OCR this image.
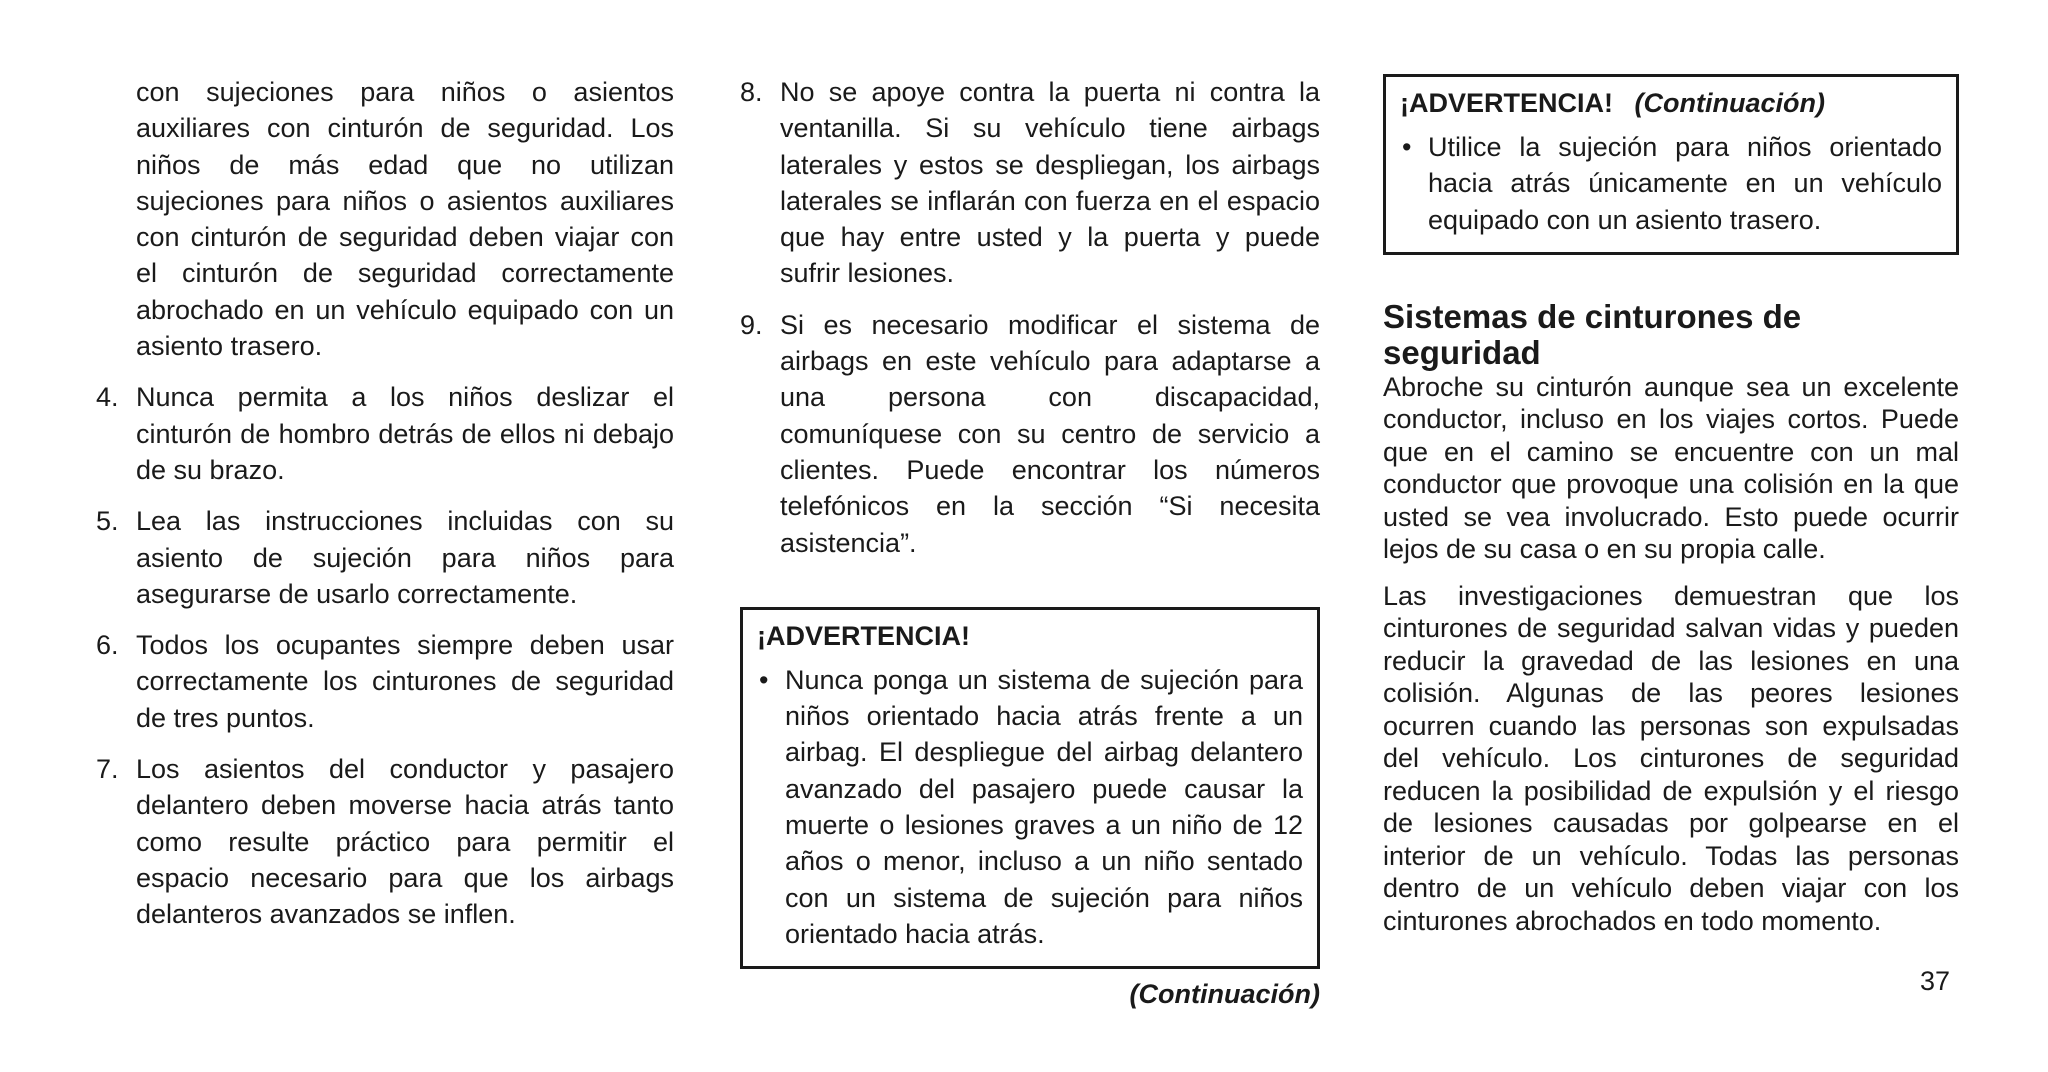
con sujeciones para niños o asientos auxiliares con cinturón de seguridad. Los niños de más edad que no utilizan sujeciones para niños o asientos auxiliares con cinturón de seguridad deben viajar con el cinturón de seguridad correctamente abrochado en un vehículo equipado con un asiento trasero.

4. Nunca permita a los niños deslizar el cinturón de hombro detrás de ellos ni debajo de su brazo.
5. Lea las instrucciones incluidas con su asiento de sujeción para niños para asegurarse de usarlo correctamente.
6. Todos los ocupantes siempre deben usar correctamente los cinturones de seguridad de tres puntos.
7. Los asientos del conductor y pasajero delantero deben moverse hacia atrás tanto como resulte práctico para permitir el espacio necesario para que los airbags delanteros avanzados se inflen.
8. No se apoye contra la puerta ni contra la ventanilla. Si su vehículo tiene airbags laterales y estos se despliegan, los airbags laterales se inflarán con fuerza en el espacio que hay entre usted y la puerta y puede sufrir lesiones.
9. Si es necesario modificar el sistema de airbags en este vehículo para adaptarse a una persona con discapacidad, comuníquese con su centro de servicio a clientes. Puede encontrar los números telefónicos en la sección “Si necesita asistencia”.

¡ADVERTENCIA!

• Nunca ponga un sistema de sujeción para niños orientado hacia atrás frente a un airbag. El despliegue del airbag delantero avanzado del pasajero puede causar la muerte o lesiones graves a un niño de 12 años o menor, incluso a un niño sentado con un sistema de sujeción para niños orientado hacia atrás.

(Continuación)

¡ADVERTENCIA! (Continuación)

• Utilice la sujeción para niños orientado hacia atrás únicamente en un vehículo equipado con un asiento trasero.

Sistemas de cinturones de seguridad

Abroche su cinturón aunque sea un excelente conductor, incluso en los viajes cortos. Puede que en el camino se encuentre con un mal conductor que provoque una colisión en la que usted se vea involucrado. Esto puede ocurrir lejos de su casa o en su propia calle.

Las investigaciones demuestran que los cinturones de seguridad salvan vidas y pueden reducir la gravedad de las lesiones en una colisión. Algunas de las peores lesiones ocurren cuando las personas son expulsadas del vehículo. Los cinturones de seguridad reducen la posibilidad de expulsión y el riesgo de lesiones causadas por golpearse en el interior de un vehículo. Todas las personas dentro de un vehículo deben viajar con los cinturones abrochados en todo momento.

37
